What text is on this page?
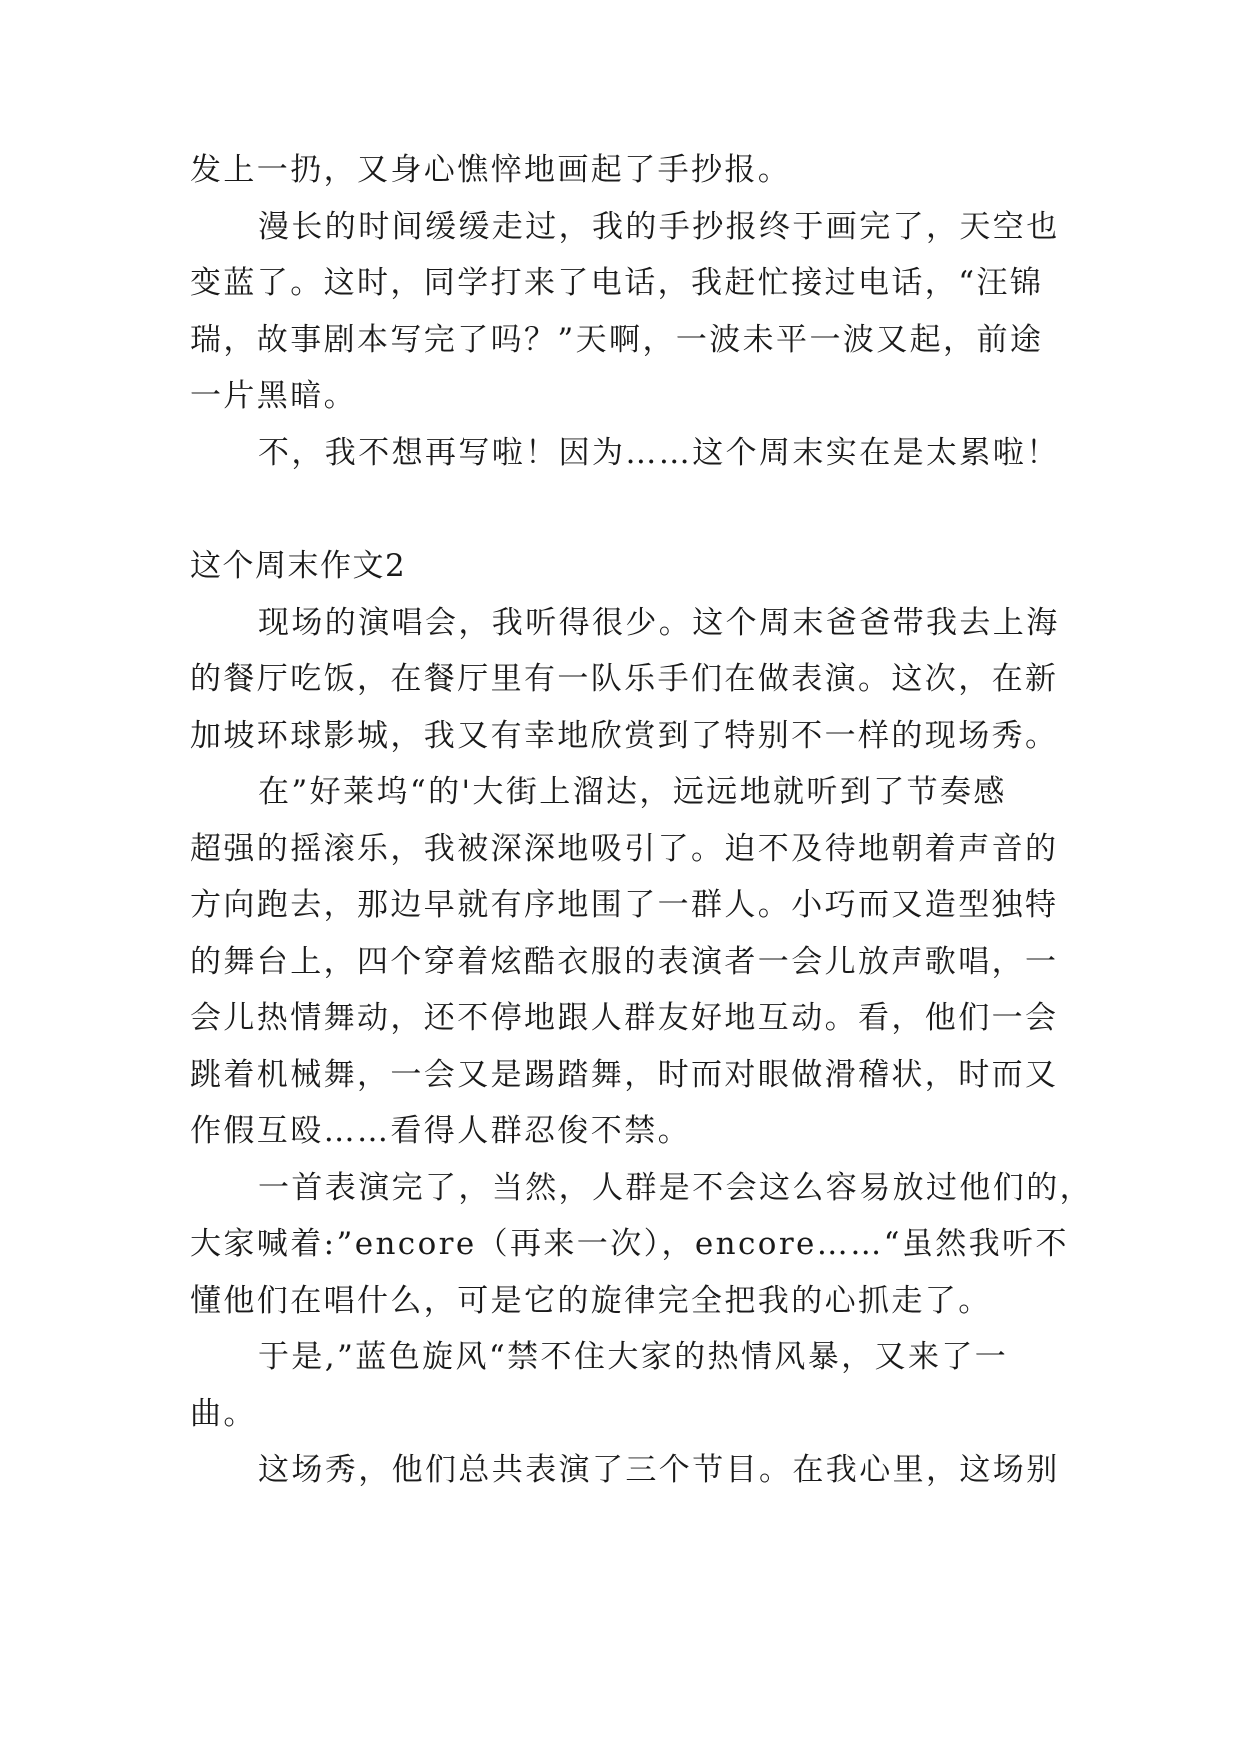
发上一扔，又身心憔悴地画起了手抄报。
漫长的时间缓缓走过，我的手抄报终于画完了，天空也
变蓝了。这时，同学打来了电话，我赶忙接过电话，“汪锦
瑞，故事剧本写完了吗？”天啊，一波未平一波又起，前途
一片黑暗。
不，我不想再写啦！因为……这个周末实在是太累啦！
这个周末作文2
现场的演唱会，我听得很少。这个周末爸爸带我去上海
的餐厅吃饭，在餐厅里有一队乐手们在做表演。这次，在新
加坡环球影城，我又有幸地欣赏到了特别不一样的现场秀。
在”好莱坞“的'大街上溜达，远远地就听到了节奏感
超强的摇滚乐，我被深深地吸引了。迫不及待地朝着声音的
方向跑去，那边早就有序地围了一群人。小巧而又造型独特
的舞台上，四个穿着炫酷衣服的表演者一会儿放声歌唱，一
会儿热情舞动，还不停地跟人群友好地互动。看，他们一会
跳着机械舞，一会又是踢踏舞，时而对眼做滑稽状，时而又
作假互殴……看得人群忍俊不禁。
一首表演完了，当然，人群是不会这么容易放过他们的，
大家喊着:”encore（再来一次），encore……“虽然我听不
懂他们在唱什么，可是它的旋律完全把我的心抓走了。
于是,”蓝色旋风“禁不住大家的热情风暴，又来了一
曲。
这场秀，他们总共表演了三个节目。在我心里，这场别
